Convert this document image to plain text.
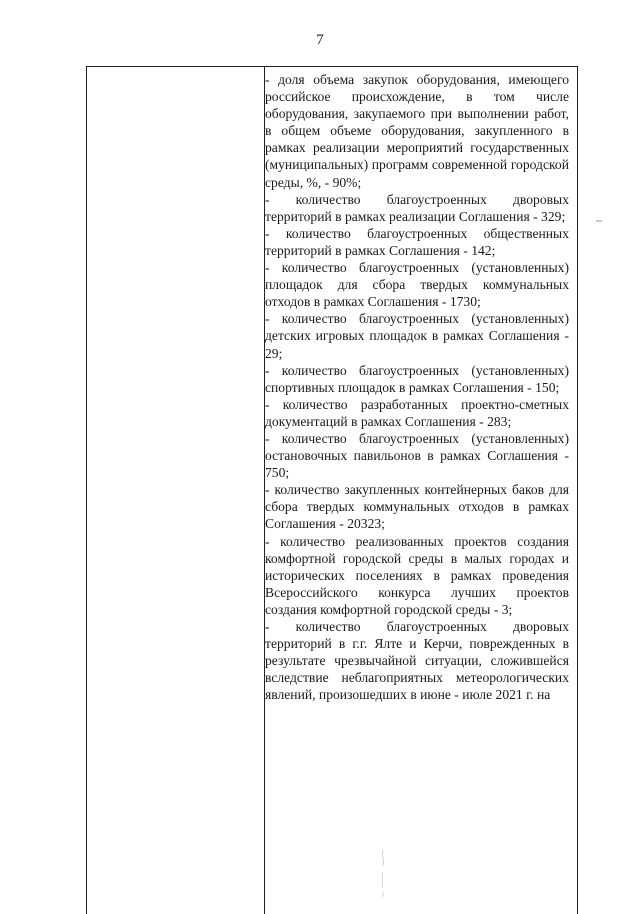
7

- доля объема закупок оборудования, имеющего российское происхождение, в том числе оборудования, закупаемого при выполнении работ, в общем объеме оборудования, закупленного в рамках реализации мероприятий государственных (муниципальных) программ современной городской среды, %, - 90%;

- количество благоустроенных дворовых территорий в рамках реализации Соглашения - 329;

- количество благоустроенных общественных территорий в рамках Соглашения - 142;

- количество благоустроенных (установленных) площадок для сбора твердых коммунальных отходов в рамках Соглашения - 1730;

- количество благоустроенных (установленных) детских игровых площадок в рамках Соглашения - 29;

- количество благоустроенных (установленных) спортивных площадок в рамках Соглашения - 150;

- количество разработанных проектно-сметных документаций в рамках Соглашения - 283;

- количество благоустроенных (установленных) остановочных павильонов в рамках Соглашения - 750;

- количество закупленных контейнерных баков для сбора твердых коммунальных отходов в рамках Соглашения - 20323;

- количество реализованных проектов создания комфортной городской среды в малых городах и исторических поселениях в рамках проведения Всероссийского конкурса лучших проектов создания комфортной городской среды - 3;

- количество благоустроенных дворовых территорий в г.г. Ялте и Керчи, поврежденных в результате чрезвычайной ситуации, сложившейся вследствие неблагоприятных метеорологических явлений, произошедших в июне - июле 2021 г. на
